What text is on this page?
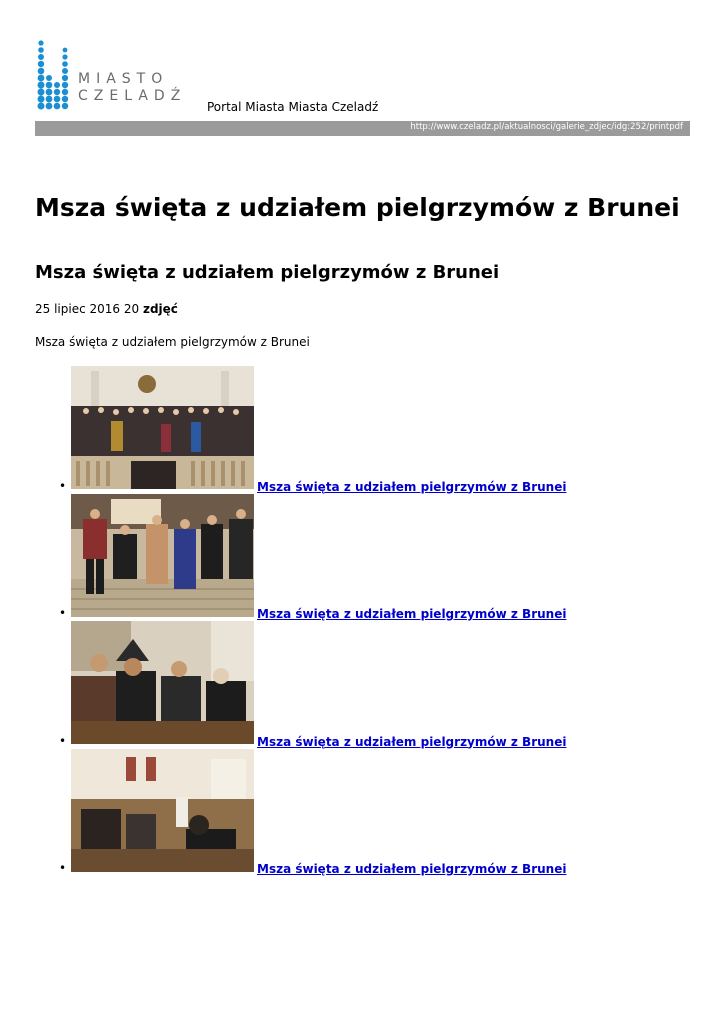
MIASTO
CZELADŹ
Portal Miasta Miasta Czeladź
http://www.czeladz.pl/aktualnosci/galerie_zdjec/idg:252/printpdf
Msza święta z udziałem pielgrzymów z Brunei
Msza święta z udziałem pielgrzymów z Brunei
25 lipiec 2016 20 zdjęć
Msza święta z udziałem pielgrzymów z Brunei
•	Msza święta z udziałem pielgrzymów z Brunei
•	Msza święta z udziałem pielgrzymów z Brunei
•	Msza święta z udziałem pielgrzymów z Brunei
•	Msza święta z udziałem pielgrzymów z Brunei
